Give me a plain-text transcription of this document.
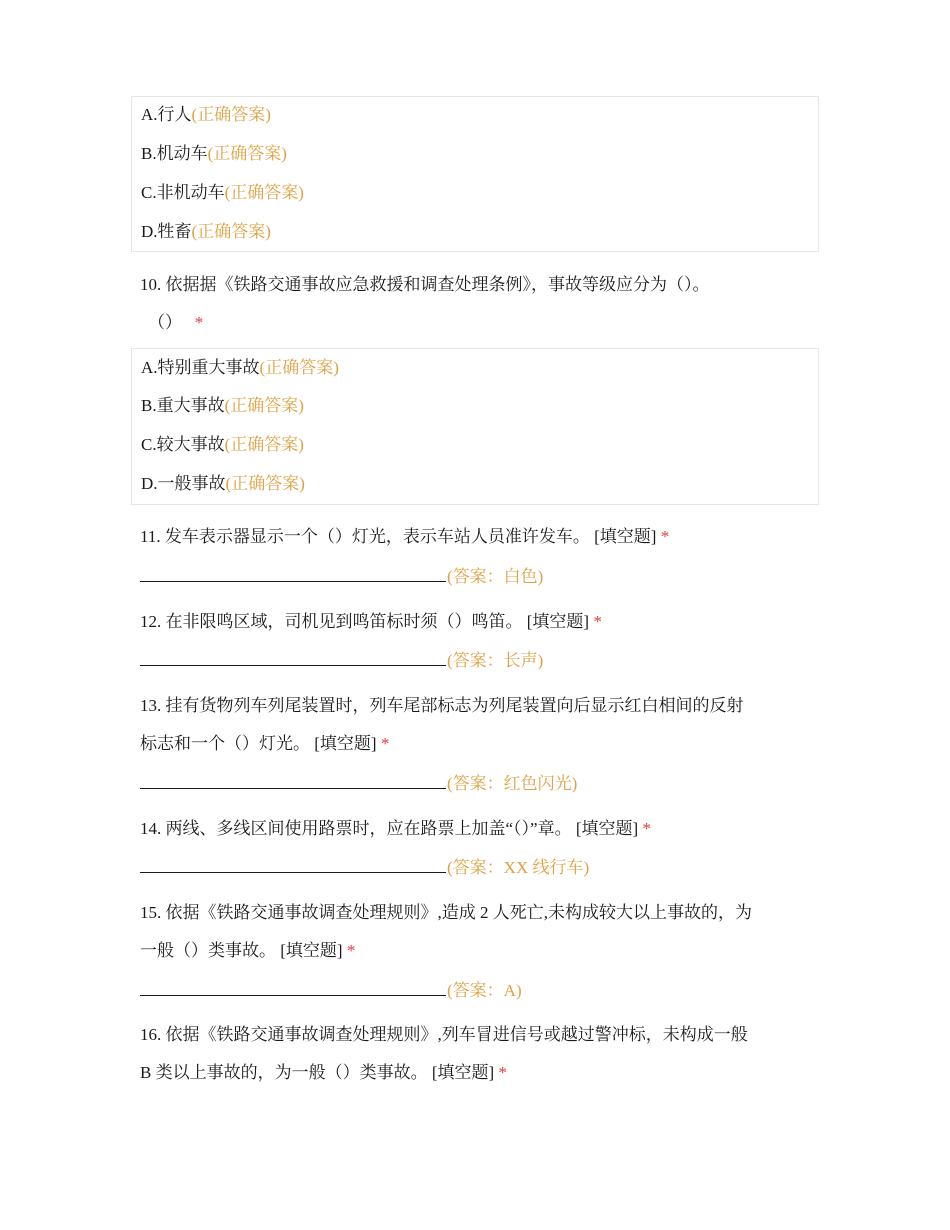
A.行人(正确答案)
B.机动车(正确答案)
C.非机动车(正确答案)
D.牲畜(正确答案)
10. 依据据《铁路交通事故应急救援和调查处理条例》，事故等级应分为（）。
（） *
A.特别重大事故(正确答案)
B.重大事故(正确答案)
C.较大事故(正确答案)
D.一般事故(正确答案)
11. 发车表示器显示一个（）灯光，表示车站人员准许发车。 [填空题] *
(答案：白色)
12. 在非限鸣区域，司机见到鸣笛标时须（）鸣笛。 [填空题] *
(答案：长声)
13. 挂有货物列车列尾装置时，列车尾部标志为列尾装置向后显示红白相间的反射
标志和一个（）灯光。 [填空题] *
(答案：红色闪光)
14. 两线、多线区间使用路票时，应在路票上加盖“（）”章。 [填空题] *
(答案：XX 线行车)
15. 依据《铁路交通事故调查处理规则》,造成 2 人死亡,未构成较大以上事故的，为
一般（）类事故。 [填空题] *
(答案：A)
16. 依据《铁路交通事故调查处理规则》,列车冒进信号或越过警冲标，未构成一般
B 类以上事故的，为一般（）类事故。 [填空题] *
